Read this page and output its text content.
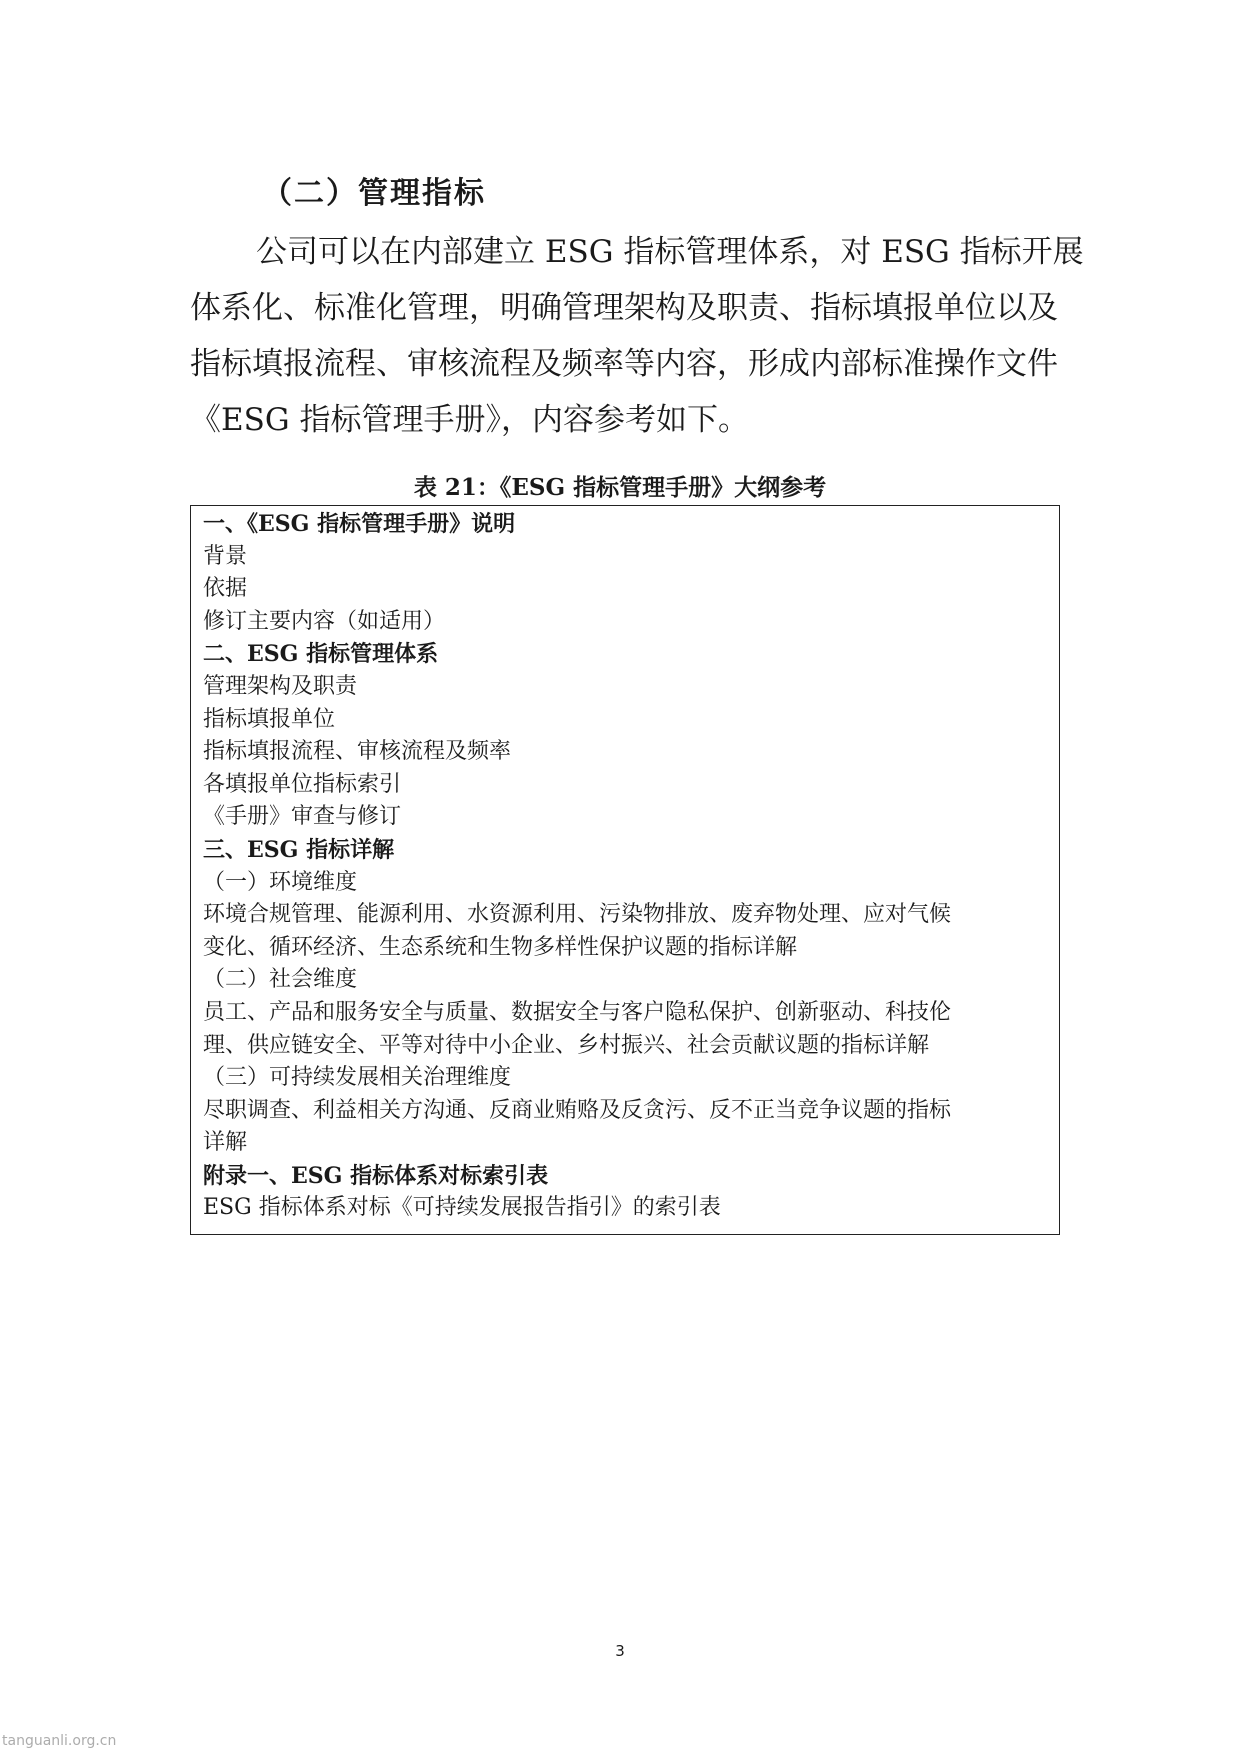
（二）管理指标
公司可以在内部建立 ESG 指标管理体系，对 ESG 指标开展
体系化、标准化管理，明确管理架构及职责、指标填报单位以及
指标填报流程、审核流程及频率等内容，形成内部标准操作文件
《ESG 指标管理手册》，内容参考如下。
表 21：《ESG 指标管理手册》大纲参考
一、《ESG 指标管理手册》说明
背景
依据
修订主要内容（如适用）
二、ESG 指标管理体系
管理架构及职责
指标填报单位
指标填报流程、审核流程及频率
各填报单位指标索引
《手册》审查与修订
三、ESG 指标详解
（一）环境维度
环境合规管理、能源利用、水资源利用、污染物排放、废弃物处理、应对气候
变化、循环经济、生态系统和生物多样性保护议题的指标详解
（二）社会维度
员工、产品和服务安全与质量、数据安全与客户隐私保护、创新驱动、科技伦
理、供应链安全、平等对待中小企业、乡村振兴、社会贡献议题的指标详解
（三）可持续发展相关治理维度
尽职调查、利益相关方沟通、反商业贿赂及反贪污、反不正当竞争议题的指标
详解
附录一、ESG 指标体系对标索引表
ESG 指标体系对标《可持续发展报告指引》的索引表
3
tanguanli.org.cn
